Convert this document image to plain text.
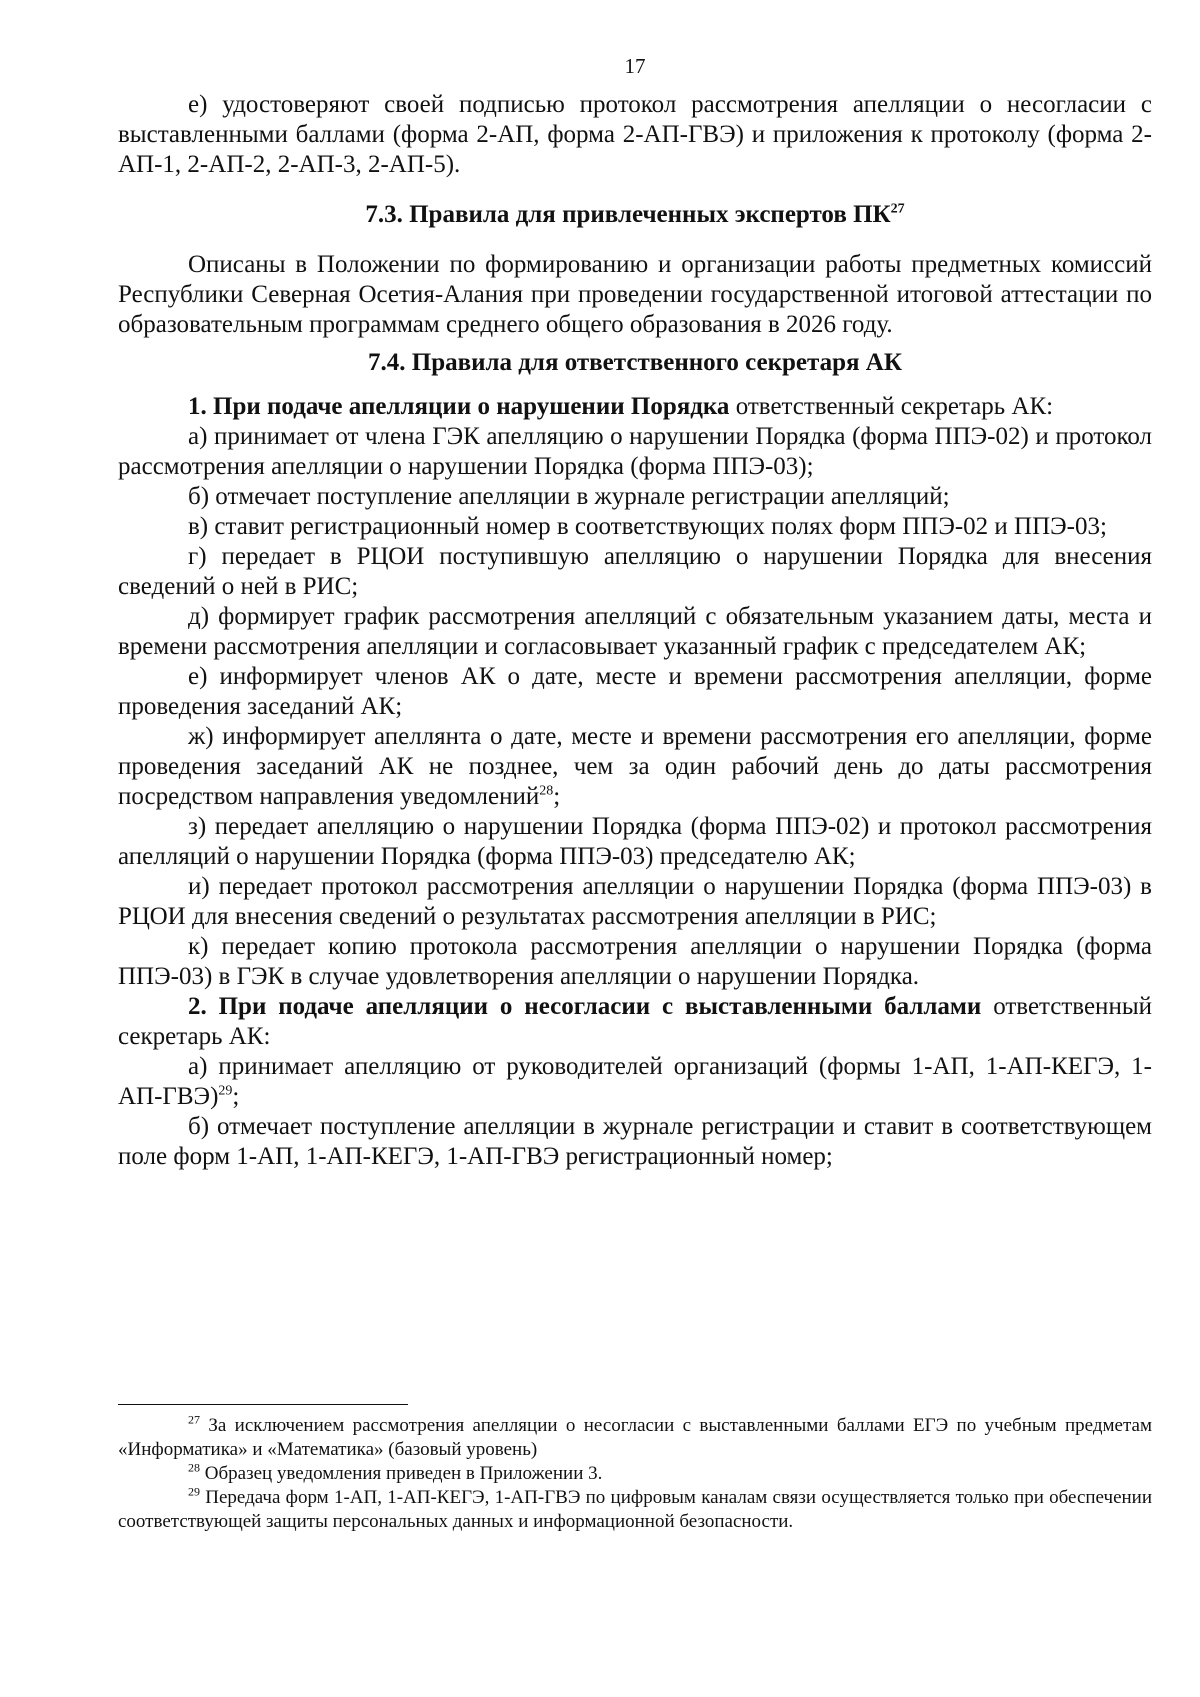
17

е) удостоверяют своей подписью протокол рассмотрения апелляции о несогласии с выставленными баллами (форма 2-АП, форма 2-АП-ГВЭ) и приложения к протоколу (форма 2-АП-1, 2-АП-2, 2-АП-3, 2-АП-5).

7.3. Правила для привлеченных экспертов ПК$^{27}$

Описаны в Положении по формированию и организации работы предметных комиссий Республики Северная Осетия-Алания при проведении государственной итоговой аттестации по образовательным программам среднего общего образования в 2026 году.

7.4. Правила для ответственного секретаря АК

1. При подаче апелляции о нарушении Порядка ответственный секретарь АК:

а) принимает от члена ГЭК апелляцию о нарушении Порядка (форма ППЭ-02) и протокол рассмотрения апелляции о нарушении Порядка (форма ППЭ-03);

б) отмечает поступление апелляции в журнале регистрации апелляций;

в) ставит регистрационный номер в соответствующих полях форм ППЭ-02 и ППЭ-03;

г) передает в РЦОИ поступившую апелляцию о нарушении Порядка для внесения сведений о ней в РИС;

д) формирует график рассмотрения апелляций с обязательным указанием даты, места и времени рассмотрения апелляции и согласовывает указанный график с председателем АК;

е) информирует членов АК о дате, месте и времени рассмотрения апелляции, форме проведения заседаний АК;

ж) информирует апеллянта о дате, месте и времени рассмотрения его апелляции, форме проведения заседаний АК не позднее, чем за один рабочий день до даты рассмотрения посредством направления уведомлений$^{28}$;

з) передает апелляцию о нарушении Порядка (форма ППЭ-02) и протокол рассмотрения апелляций о нарушении Порядка (форма ППЭ-03) председателю АК;

и) передает протокол рассмотрения апелляции о нарушении Порядка (форма ППЭ-03) в РЦОИ для внесения сведений о результатах рассмотрения апелляции в РИС;

к) передает копию протокола рассмотрения апелляции о нарушении Порядка (форма ППЭ-03) в ГЭК в случае удовлетворения апелляции о нарушении Порядка.

2. При подаче апелляции о несогласии с выставленными баллами ответственный секретарь АК:

а) принимает апелляцию от руководителей организаций (формы 1-АП, 1-АП-КЕГЭ, 1-АП-ГВЭ)$^{29}$;

б) отмечает поступление апелляции в журнале регистрации и ставит в соответствующем поле форм 1-АП, 1-АП-КЕГЭ, 1-АП-ГВЭ регистрационный номер;

$^{27}$ За исключением рассмотрения апелляции о несогласии с выставленными баллами ЕГЭ по учебным предметам «Информатика» и «Математика» (базовый уровень)

$^{28}$ Образец уведомления приведен в Приложении 3.

$^{29}$ Передача форм 1-АП, 1-АП-КЕГЭ, 1-АП-ГВЭ по цифровым каналам связи осуществляется только при обеспечении соответствующей защиты персональных данных и информационной безопасности.
